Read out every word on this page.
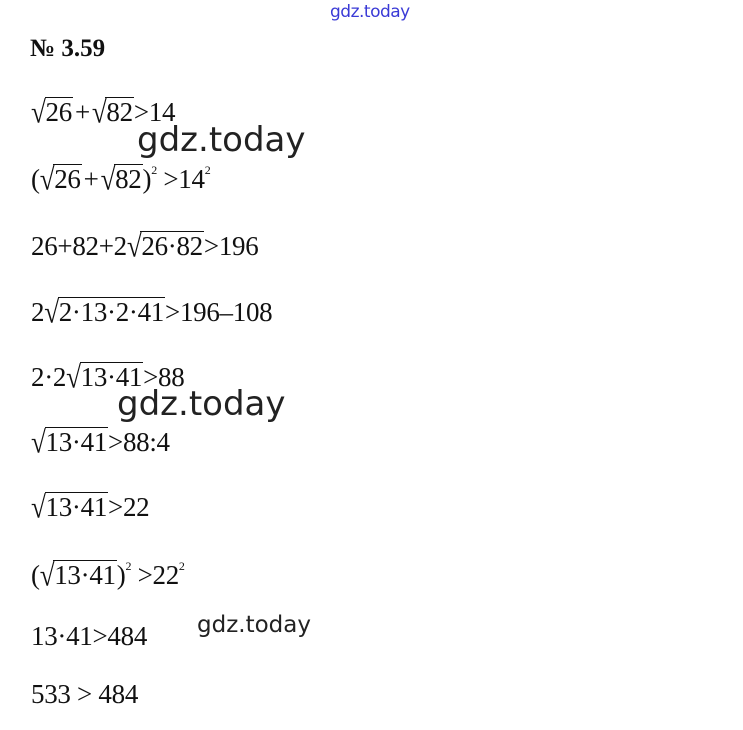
gdz.today
№ 3.59
√26 +√82>14
gdz.today
$(√26 +√82)^2 >14^2$
26+82+2√26·82>196
2√2·13·2·41>196–108
2·2√13·41>88
gdz.today
√13·41>88:4
√13·41>22
$(√13\cdot 41)^2 >22^2$
13·41>484 gdz.today
533 > 484
